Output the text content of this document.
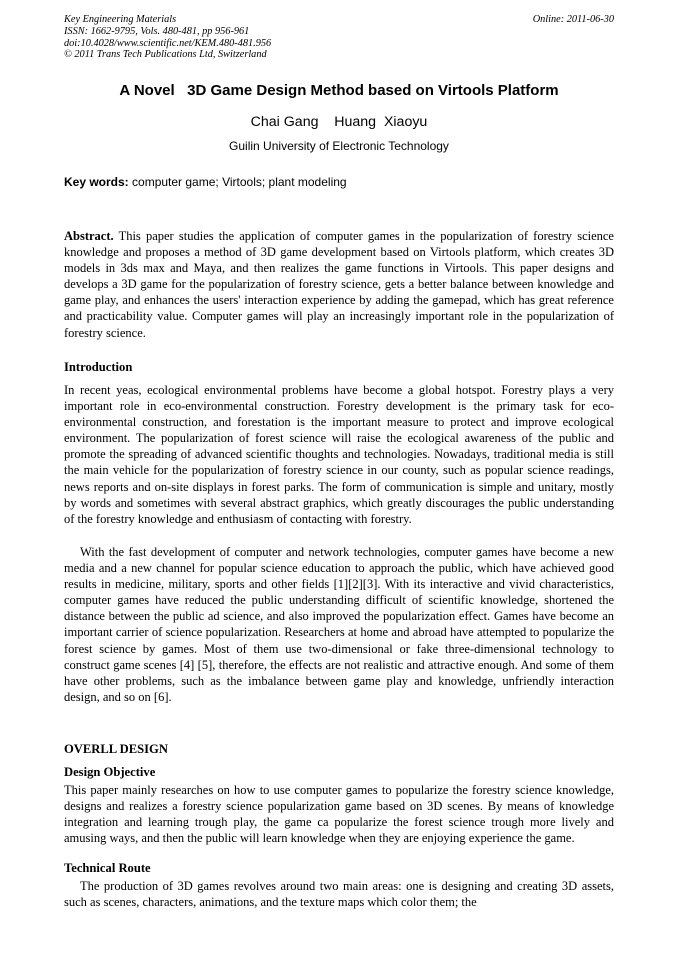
Key Engineering Materials
ISSN: 1662-9795, Vols. 480-481, pp 956-961
doi:10.4028/www.scientific.net/KEM.480-481.956
© 2011 Trans Tech Publications Ltd, Switzerland
Online: 2011-06-30
A Novel   3D Game Design Method based on Virtools Platform
Chai Gang    Huang  Xiaoyu
Guilin University of Electronic Technology
Key words: computer game; Virtools; plant modeling
Abstract. This paper studies the application of computer games in the popularization of forestry science knowledge and proposes a method of 3D game development based on Virtools platform, which creates 3D models in 3ds max and Maya, and then realizes the game functions in Virtools. This paper designs and develops a 3D game for the popularization of forestry science, gets a better balance between knowledge and game play, and enhances the users' interaction experience by adding the gamepad, which has great reference and practicability value. Computer games will play an increasingly important role in the popularization of forestry science.
Introduction
In recent yeas, ecological environmental problems have become a global hotspot. Forestry plays a very important role in eco-environmental construction. Forestry development is the primary task for eco-environmental construction, and forestation is the important measure to protect and improve ecological environment. The popularization of forest science will raise the ecological awareness of the public and promote the spreading of advanced scientific thoughts and technologies. Nowadays, traditional media is still the main vehicle for the popularization of forestry science in our county, such as popular science readings, news reports and on-site displays in forest parks. The form of communication is simple and unitary, mostly by words and sometimes with several abstract graphics, which greatly discourages the public understanding of the forestry knowledge and enthusiasm of contacting with forestry.
With the fast development of computer and network technologies, computer games have become a new media and a new channel for popular science education to approach the public, which have achieved good results in medicine, military, sports and other fields [1][2][3]. With its interactive and vivid characteristics, computer games have reduced the public understanding difficult of scientific knowledge, shortened the distance between the public ad science, and also improved the popularization effect. Games have become an important carrier of science popularization. Researchers at home and abroad have attempted to popularize the forest science by games. Most of them use two-dimensional or fake three-dimensional technology to construct game scenes [4] [5], therefore, the effects are not realistic and attractive enough. And some of them have other problems, such as the imbalance between game play and knowledge, unfriendly interaction design, and so on [6].
OVERLL DESIGN
Design Objective
This paper mainly researches on how to use computer games to popularize the forestry science knowledge, designs and realizes a forestry science popularization game based on 3D scenes. By means of knowledge integration and learning trough play, the game ca popularize the forest science trough more lively and amusing ways, and then the public will learn knowledge when they are enjoying experience the game.
Technical Route
The production of 3D games revolves around two main areas: one is designing and creating 3D assets, such as scenes, characters, animations, and the texture maps which color them; the
